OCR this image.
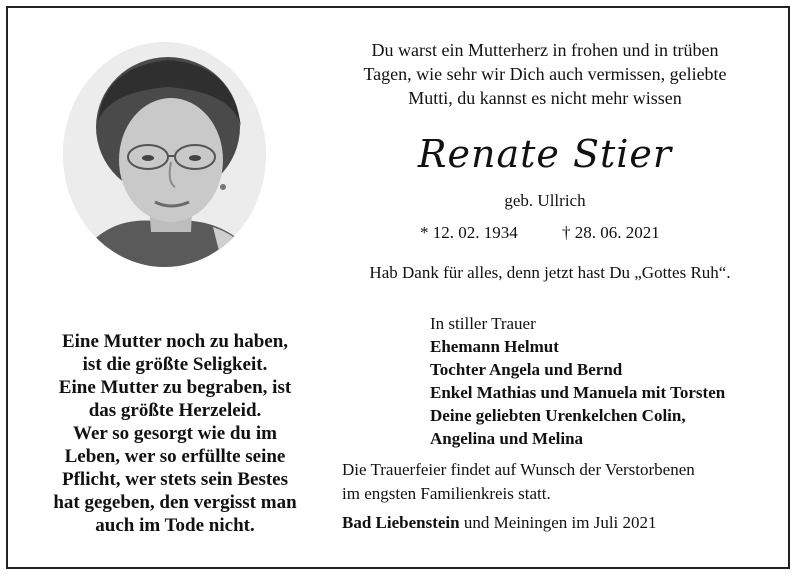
Du warst ein Mutterherz in frohen und in trüben
Tagen, wie sehr wir Dich auch vermissen, geliebte
Mutti, du kannst es nicht mehr wissen
Renate Stier
geb. Ullrich
* 12. 02. 1934	† 28. 06. 2021
Hab Dank für alles, denn jetzt hast Du „Gottes Ruh“.
In stiller Trauer
Ehemann Helmut
Tochter Angela und Bernd
Enkel Mathias und Manuela mit Torsten
Deine geliebten Urenkelchen Colin,
Angelina und Melina
Die Trauerfeier findet auf Wunsch der Verstorbenen
im engsten Familienkreis statt.
Bad Liebenstein und Meiningen im Juli 2021
Eine Mutter noch zu haben,
ist die größte Seligkeit.
Eine Mutter zu begraben, ist
das größte Herzeleid.
Wer so gesorgt wie du im
Leben, wer so erfüllte seine
Pflicht, wer stets sein Bestes
hat gegeben, den vergisst man
auch im Tode nicht.
